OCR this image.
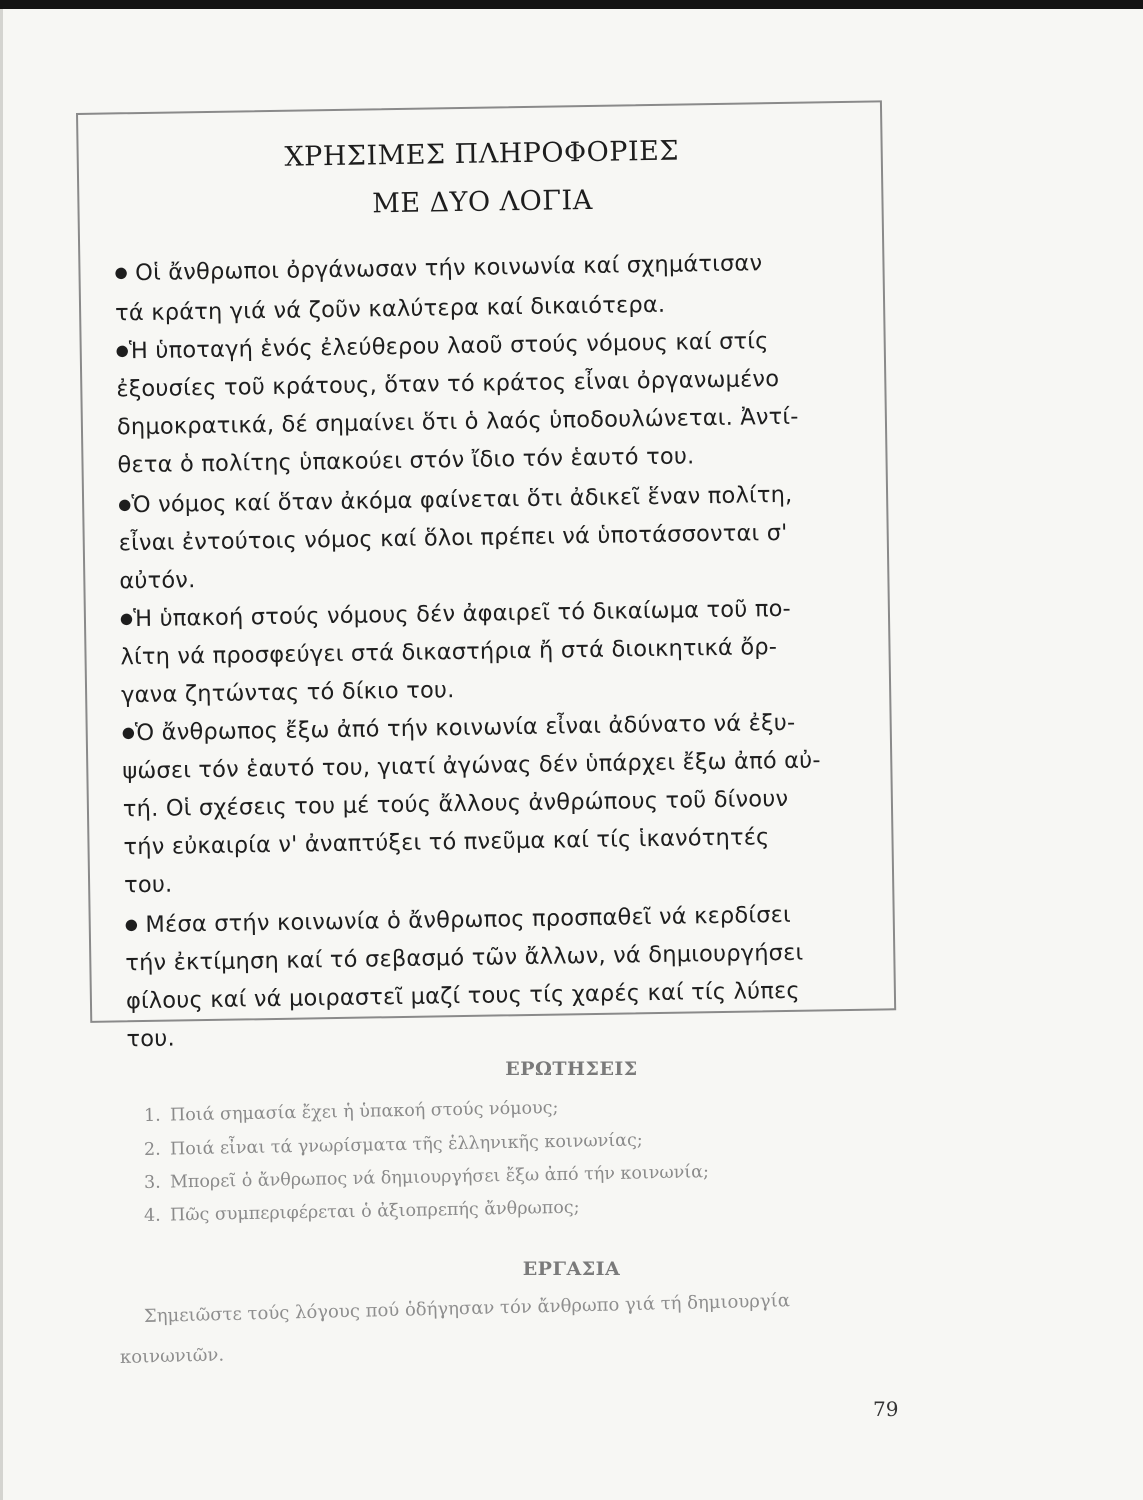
ΧΡΗΣΙΜΕΣ ΠΛΗΡΟΦΟΡΙΕΣ
ΜΕ ΔΥΟ ΛΟΓΙΑ

● Οἱ ἄνθρωποι ὀργάνωσαν τήν κοινωνία καί σχημάτισαν

τά κράτη γιά νά ζοῦν καλύτερα καί δικαιότερα.

●Ἡ ὑποταγή ἑνός ἐλεύθερου λαοῦ στούς νόμους καί στίς

ἐξουσίες τοῦ κράτους, ὅταν τό κράτος εἶναι ὀργανωμένο

δημοκρατικά, δέ σημαίνει ὅτι ὁ λαός ὑποδουλώνεται. Ἀντί-

θετα ὁ πολίτης ὑπακούει στόν ἴδιο τόν ἑαυτό του.

●Ὁ νόμος καί ὅταν ἀκόμα φαίνεται ὅτι ἀδικεῖ ἕναν πολίτη,

εἶναι ἐντούτοις νόμος καί ὅλοι πρέπει νά ὑποτάσσονται σ'

αὐτόν.

●Ἡ ὑπακοή στούς νόμους δέν ἀφαιρεῖ τό δικαίωμα τοῦ πο-

λίτη νά προσφεύγει στά δικαστήρια ἤ στά διοικητικά ὄρ-

γανα ζητώντας τό δίκιο του.

●Ὁ ἄνθρωπος ἔξω ἀπό τήν κοινωνία εἶναι ἀδύνατο νά ἐξυ-

ψώσει τόν ἑαυτό του, γιατί ἀγώνας δέν ὑπάρχει ἔξω ἀπό αὐ-

τή. Οἱ σχέσεις του μέ τούς ἄλλους ἀνθρώπους τοῦ δίνουν

τήν εὐκαιρία ν' ἀναπτύξει τό πνεῦμα καί τίς ἱκανότητές

του.

● Μέσα στήν κοινωνία ὁ ἄνθρωπος προσπαθεῖ νά κερδίσει

τήν ἐκτίμηση καί τό σεβασμό τῶν ἄλλων, νά δημιουργήσει

φίλους καί νά μοιραστεῖ μαζί τους τίς χαρές καί τίς λύπες

του.

ΕΡΩΤΗΣΕΙΣ

1. Ποιά σημασία ἔχει ἡ ὑπακοή στούς νόμους;

2. Ποιά εἶναι τά γνωρίσματα τῆς ἑλληνικῆς κοινωνίας;

3. Μπορεῖ ὁ ἄνθρωπος νά δημιουργήσει ἔξω ἀπό τήν κοινωνία;

4. Πῶς συμπεριφέρεται ὁ ἀξιοπρεπής ἄνθρωπος;

ΕΡΓΑΣΙΑ

Σημειῶστε τούς λόγους πού ὁδήγησαν τόν ἄνθρωπο γιά τή δημιουργία

κοινωνιῶν.

79
